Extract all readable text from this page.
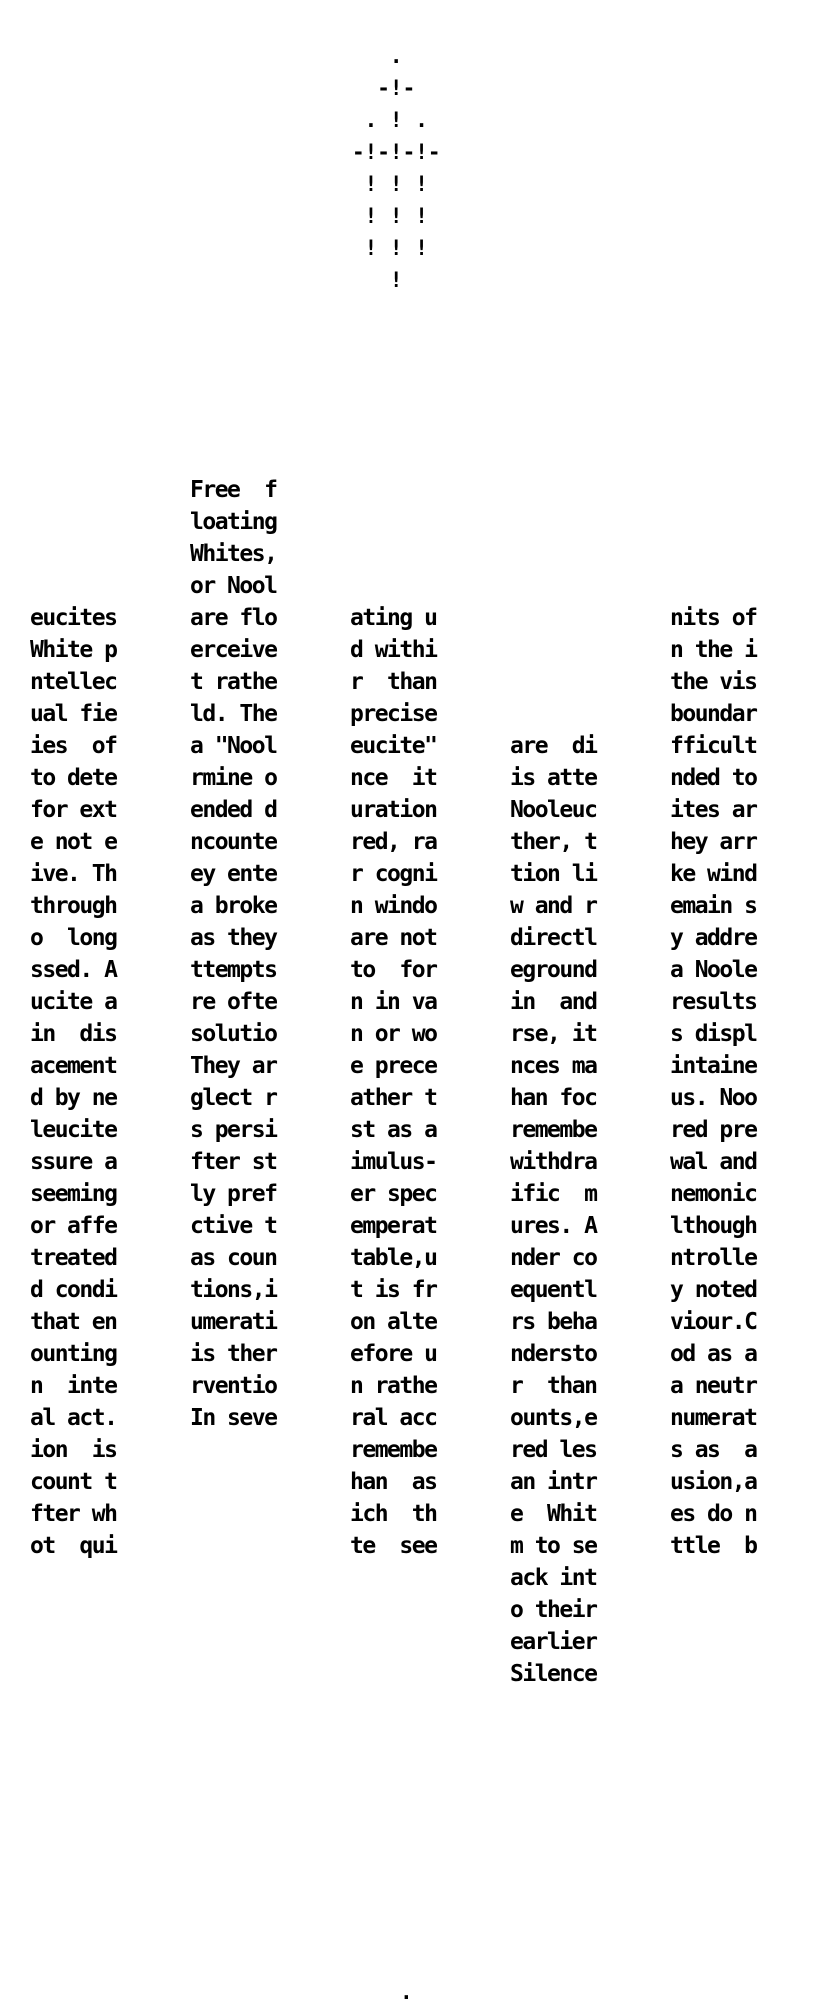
.
-!-
. ! .
-!-!-!-
! ! !
! ! !
! ! !
!
eucites
White p
ntellec
ual fie
ies  of
to dete
for ext
e not e
ive. Th
through
o  long
ssed. A
ucite a
in  dis
acement
d by ne
leucite
ssure a
seeming
or affe
treated
d condi
that en
ounting
n  inte
al act.
ion  is
count t
fter wh
ot  qui
Free  f
loating
Whites,
or Nool
are flo
erceive
t rathe
ld. The
a "Nool
rmine o
ended d
ncounte
ey ente
a broke
as they
ttempts
re ofte
solutio
They ar
glect r
s persi
fter st
ly pref
ctive t
as coun
tions,i
umerati
is ther
rventio
In seve
ating u
d withi
r  than
precise
eucite"
nce  it
uration
red, ra
r cogni
n windo
are not
to  for
n in va
n or wo
e prece
ather t
st as a
imulus-
er spec
emperat
table,u
t is fr
on alte
efore u
n rathe
ral acc
remembe
han  as
ich  th
te  see
are  di
is atte
Nooleuc
ther, t
tion li
w and r
directl
eground
in  and
rse, it
nces ma
han foc
remembe
withdra
ific  m
ures. A
nder co
equentl
rs beha
ndersto
r  than
ounts,e
red les
an intr
e  Whit
m to se
ack int
o their
earlier
Silence
nits of
n the i
the vis
boundar
fficult
nded to
ites ar
hey arr
ke wind
emain s
y addre
a Noole
results
s displ
intaine
us. Noo
red pre
wal and
nemonic
lthough
ntrolle
y noted
viour.C
od as a
a neutr
numerat
s as  a
usion,a
es do n
ttle  b
.
